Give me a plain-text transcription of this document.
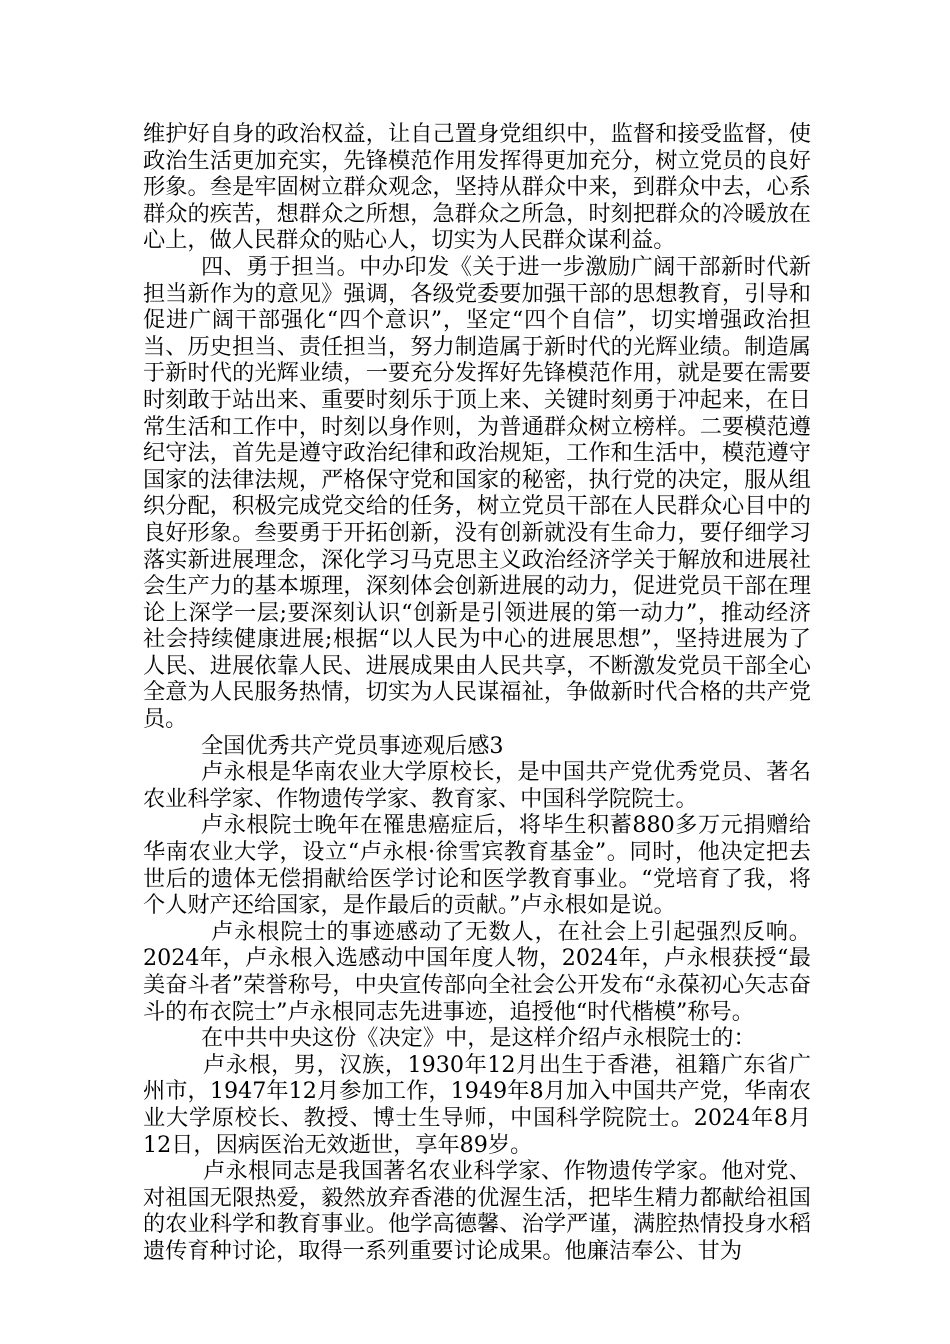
维护好自身的政治权益，让自己置身党组织中，监督和接受监督，使政治生活更加充实，先锋模范作用发挥得更加充分，树立党员的良好形象。叁是牢固树立群众观念，坚持从群众中来，到群众中去，心系群众的疾苦，想群众之所想，急群众之所急，时刻把群众的冷暖放在心上，做人民群众的贴心人，切实为人民群众谋利益。

四、勇于担当。中办印发《关于进一步激励广阔干部新时代新担当新作为的意见》强调，各级党委要加强干部的思想教育，引导和促进广阔干部强化“四个意识”，坚定“四个自信”，切实增强政治担当、历史担当、责任担当，努力制造属于新时代的光辉业绩。制造属于新时代的光辉业绩，一要充分发挥好先锋模范作用，就是要在需要时刻敢于站出来、重要时刻乐于顶上来、关键时刻勇于冲起来，在日常生活和工作中，时刻以身作则，为普通群众树立榜样。二要模范遵纪守法，首先是遵守政治纪律和政治规矩，工作和生活中，模范遵守国家的法律法规，严格保守党和国家的秘密，执行党的决定，服从组织分配，积极完成党交给的任务，树立党员干部在人民群众心目中的良好形象。叁要勇于开拓创新，没有创新就没有生命力，要仔细学习落实新进展理念，深化学习马克思主义政治经济学关于解放和进展社会生产力的基本塬理，深刻体会创新进展的动力，促进党员干部在理论上深学一层;要深刻认识“创新是引领进展的第一动力”，推动经济社会持续健康进展;根据“以人民为中心的进展思想”，坚持进展为了人民、进展依靠人民、进展成果由人民共享，不断激发党员干部全心全意为人民服务热情，切实为人民谋福祉，争做新时代合格的共产党员。

全国优秀共产党员事迹观后感3

卢永根是华南农业大学原校长，是中国共产党优秀党员、著名农业科学家、作物遗传学家、教育家、中国科学院院士。

卢永根院士晚年在罹患癌症后，将毕生积蓄880多万元捐赠给华南农业大学，设立“卢永根·徐雪宾教育基金”。同时，他决定把去世后的遗体无偿捐献给医学讨论和医学教育事业。“党培育了我，将个人财产还给国家，是作最后的贡献。”卢永根如是说。

卢永根院士的事迹感动了无数人，在社会上引起强烈反响。2024年，卢永根入选感动中国年度人物，2024年，卢永根获授“最美奋斗者”荣誉称号，中央宣传部向全社会公开发布“永葆初心矢志奋斗的布衣院士”卢永根同志先进事迹，追授他“时代楷模”称号。

在中共中央这份《决定》中，是这样介绍卢永根院士的：

卢永根，男，汉族，1930年12月出生于香港，祖籍广东省广州市，1947年12月参加工作，1949年8月加入中国共产党，华南农业大学原校长、教授、博士生导师，中国科学院院士。2024年8月12日，因病医治无效逝世，享年89岁。

卢永根同志是我国著名农业科学家、作物遗传学家。他对党、对祖国无限热爱，毅然放弃香港的优渥生活，把毕生精力都献给祖国的农业科学和教育事业。他学高德馨、治学严谨，满腔热情投身水稻遗传育种讨论，取得一系列重要讨论成果。他廉洁奉公、甘为
